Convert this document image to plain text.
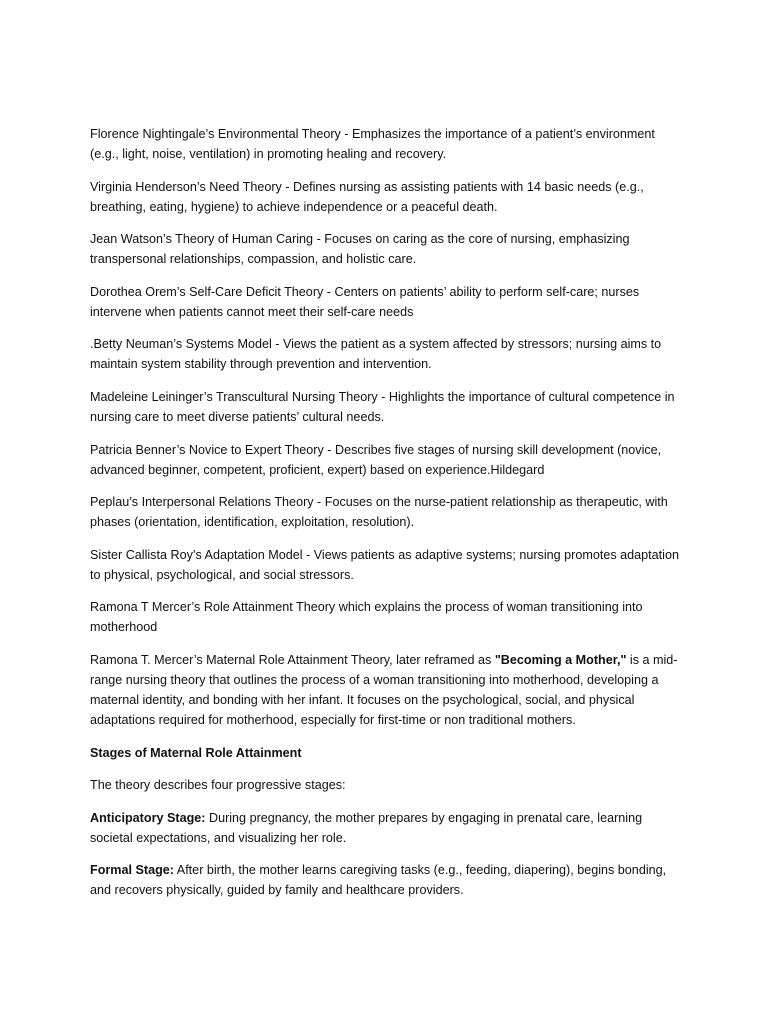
Florence Nightingale’s Environmental Theory - Emphasizes the importance of a patient’s environment (e.g., light, noise, ventilation) in promoting healing and recovery.

Virginia Henderson’s Need Theory - Defines nursing as assisting patients with 14 basic needs (e.g., breathing, eating, hygiene) to achieve independence or a peaceful death.

Jean Watson’s Theory of Human Caring - Focuses on caring as the core of nursing, emphasizing transpersonal relationships, compassion, and holistic care.

Dorothea Orem’s Self-Care Deficit Theory - Centers on patients’ ability to perform self-care; nurses intervene when patients cannot meet their self-care needs

.Betty Neuman’s Systems Model - Views the patient as a system affected by stressors; nursing aims to maintain system stability through prevention and intervention.

Madeleine Leininger’s Transcultural Nursing Theory - Highlights the importance of cultural competence in nursing care to meet diverse patients’ cultural needs.

Patricia Benner’s Novice to Expert Theory - Describes five stages of nursing skill development (novice, advanced beginner, competent, proficient, expert) based on experience.Hildegard

Peplau’s Interpersonal Relations Theory - Focuses on the nurse-patient relationship as therapeutic, with phases (orientation, identification, exploitation, resolution).

Sister Callista Roy’s Adaptation Model - Views patients as adaptive systems; nursing promotes adaptation to physical, psychological, and social stressors.

Ramona T Mercer’s Role Attainment Theory which explains the process of woman transitioning into motherhood

Ramona T. Mercer’s Maternal Role Attainment Theory, later reframed as "Becoming a Mother," is a mid-range nursing theory that outlines the process of a woman transitioning into motherhood, developing a maternal identity, and bonding with her infant. It focuses on the psychological, social, and physical adaptations required for motherhood, especially for first-time or non traditional mothers.

Stages of Maternal Role Attainment

The theory describes four progressive stages:

Anticipatory Stage: During pregnancy, the mother prepares by engaging in prenatal care, learning societal expectations, and visualizing her role.

Formal Stage: After birth, the mother learns caregiving tasks (e.g., feeding, diapering), begins bonding, and recovers physically, guided by family and healthcare providers.
